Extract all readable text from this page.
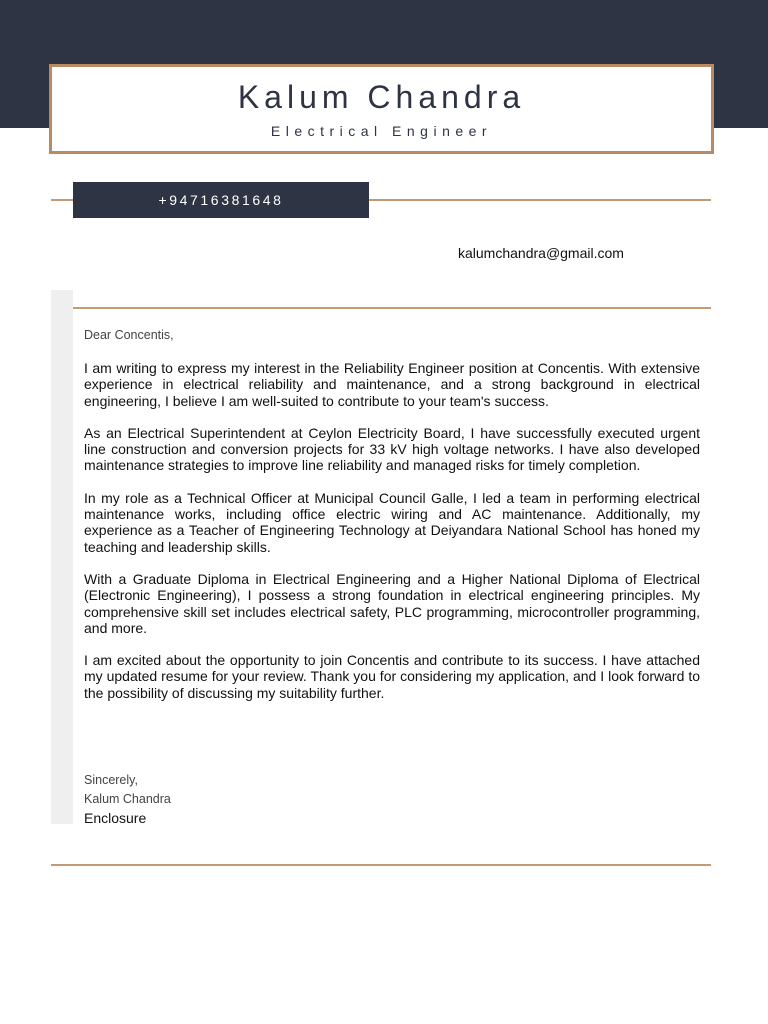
Kalum Chandra
Electrical Engineer
+94716381648
kalumchandra@gmail.com
Dear Concentis,

I am writing to express my interest in the Reliability Engineer position at Concentis. With extensive experience in electrical reliability and maintenance, and a strong background in electrical engineering, I believe I am well-suited to contribute to your team's success.

As an Electrical Superintendent at Ceylon Electricity Board, I have successfully executed urgent line construction and conversion projects for 33 kV high voltage networks. I have also developed maintenance strategies to improve line reliability and managed risks for timely completion.

In my role as a Technical Officer at Municipal Council Galle, I led a team in performing electrical maintenance works, including office electric wiring and AC maintenance. Additionally, my experience as a Teacher of Engineering Technology at Deiyandara National School has honed my teaching and leadership skills.

With a Graduate Diploma in Electrical Engineering and a Higher National Diploma of Electrical (Electronic Engineering), I possess a strong foundation in electrical engineering principles. My comprehensive skill set includes electrical safety, PLC programming, microcontroller programming, and more.

I am excited about the opportunity to join Concentis and contribute to its success. I have attached my updated resume for your review. Thank you for considering my application, and I look forward to the possibility of discussing my suitability further.

Sincerely,
Kalum Chandra
Enclosure
